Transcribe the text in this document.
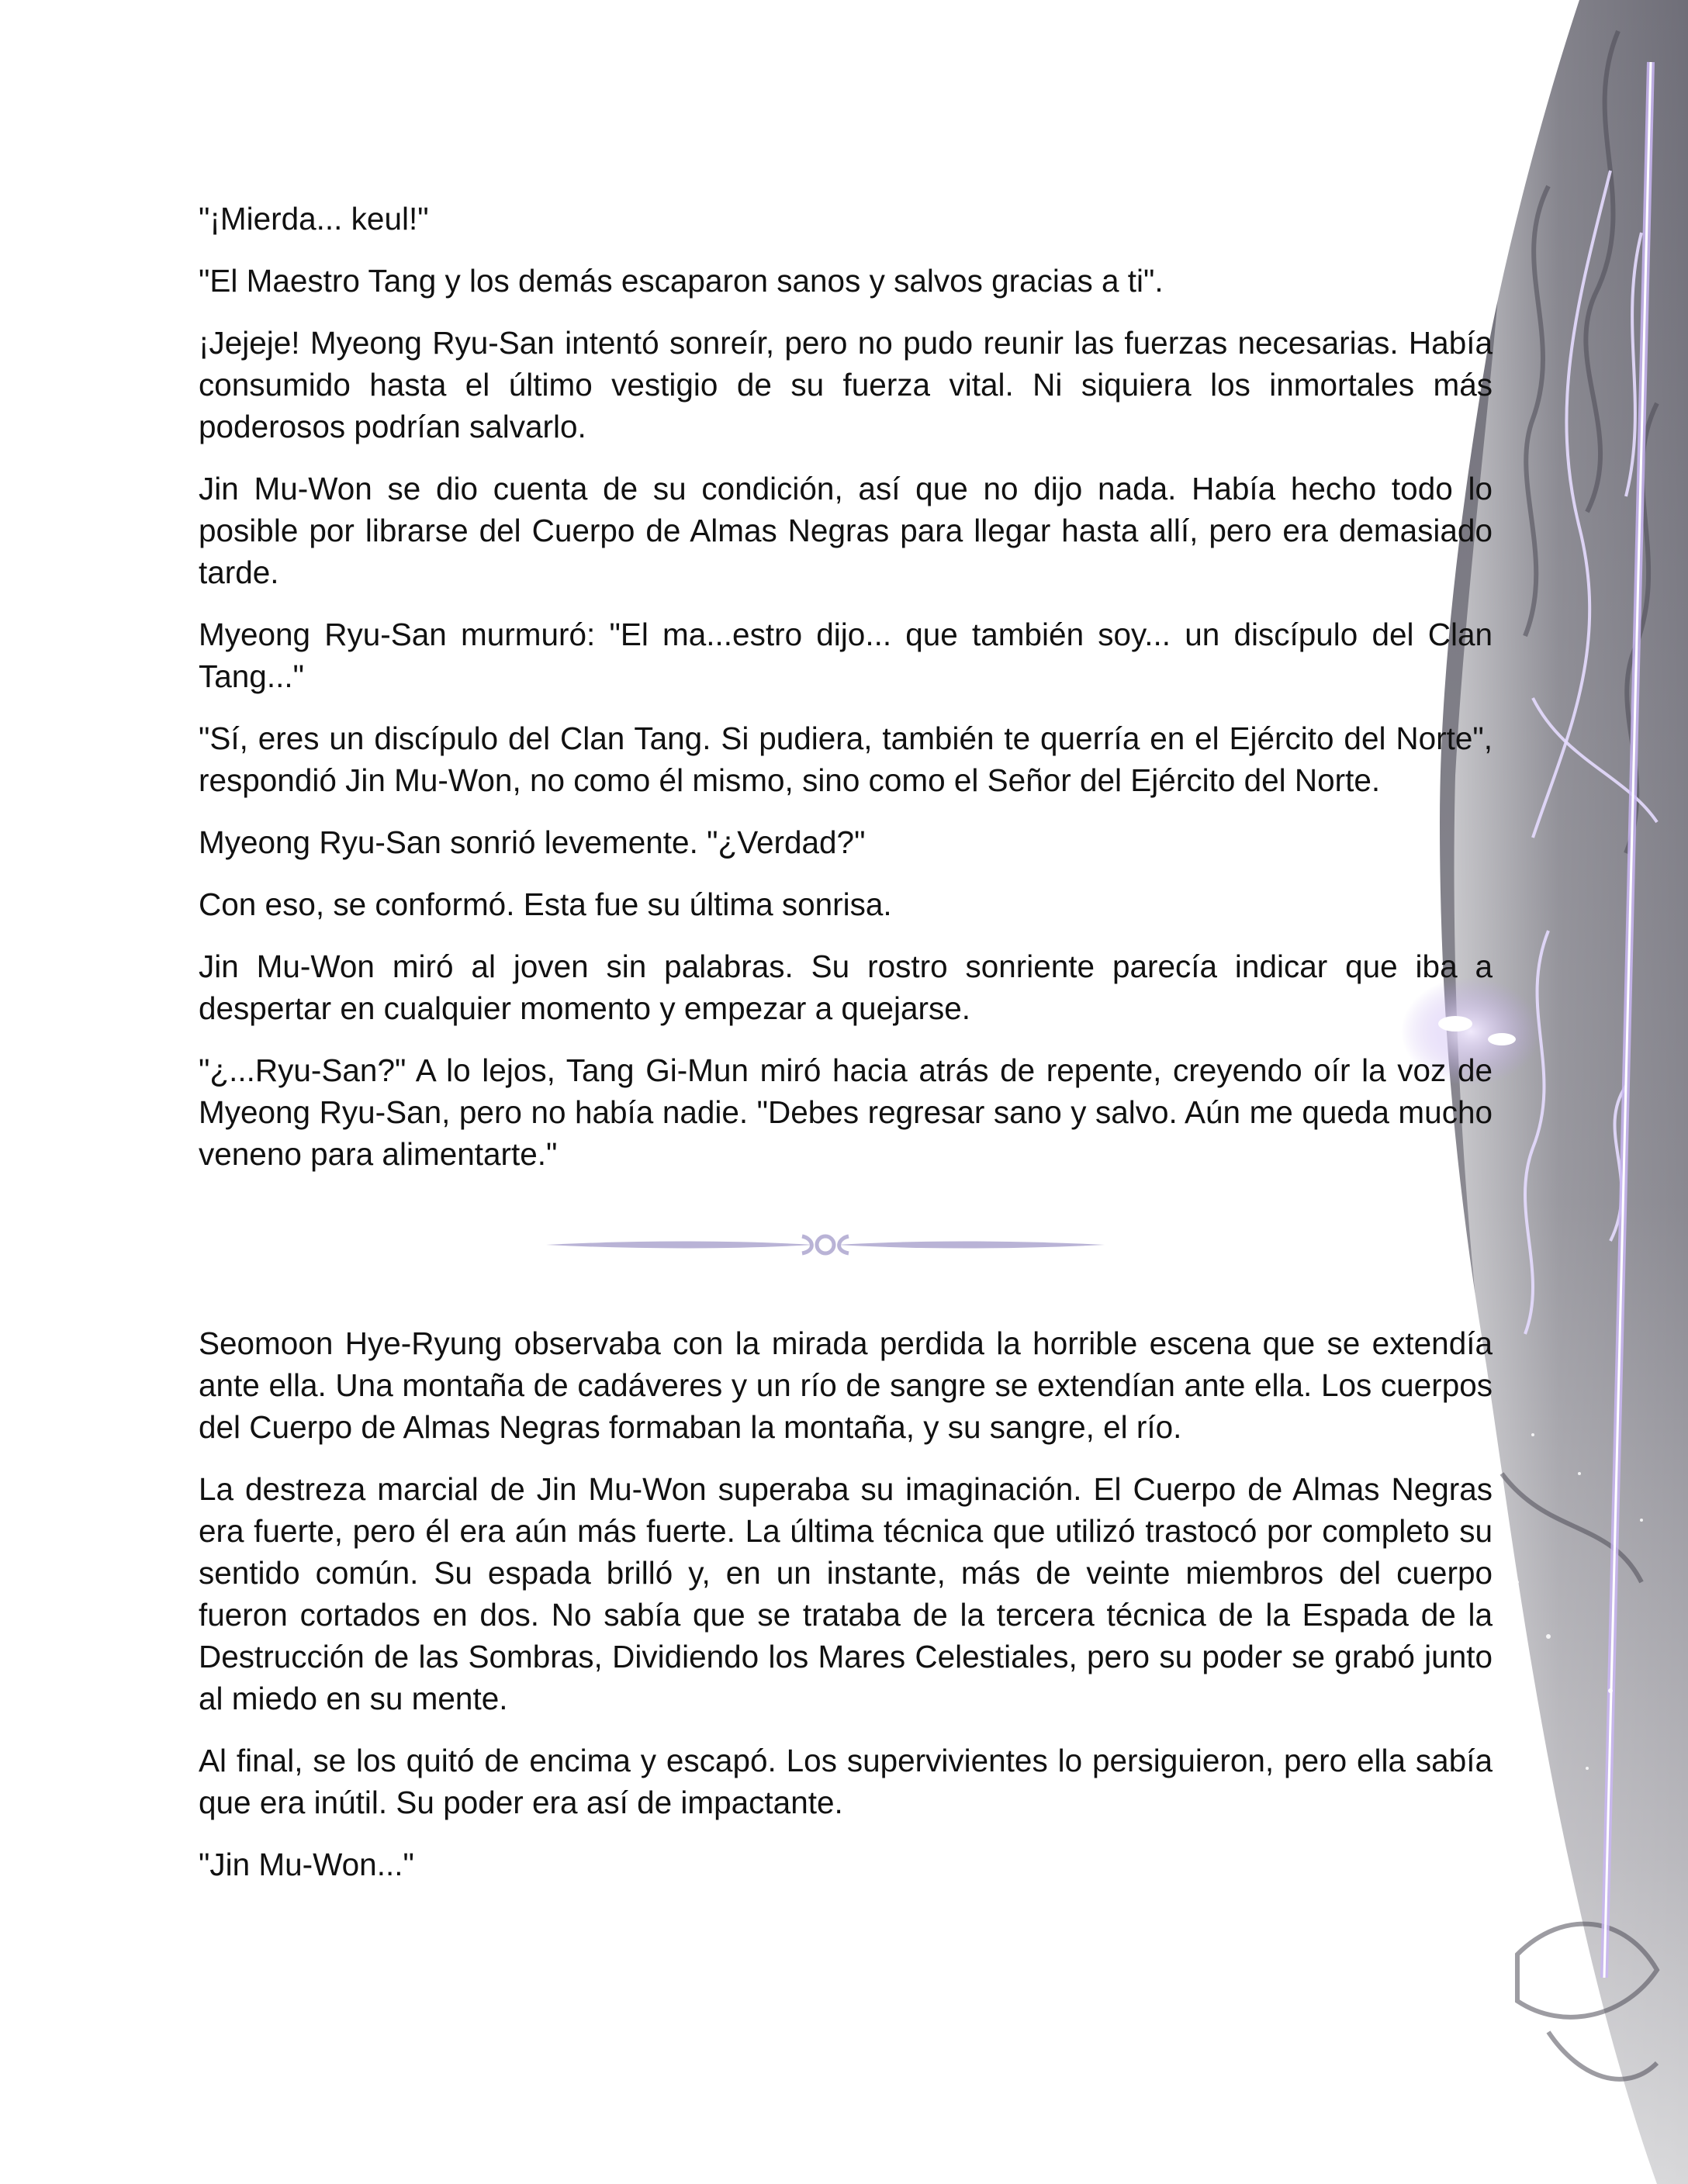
"¡Mierda... keul!"

"El Maestro Tang y los demás escaparon sanos y salvos gracias a ti".

¡Jejeje! Myeong Ryu-San intentó sonreír, pero no pudo reunir las fuerzas necesarias. Había consumido hasta el último vestigio de su fuerza vital. Ni siquiera los inmortales más poderosos podrían salvarlo.

Jin Mu-Won se dio cuenta de su condición, así que no dijo nada. Había hecho todo lo posible por librarse del Cuerpo de Almas Negras para llegar hasta allí, pero era demasiado tarde.

Myeong Ryu-San murmuró: "El ma...estro dijo... que también soy... un discípulo del Clan Tang..."

"Sí, eres un discípulo del Clan Tang. Si pudiera, también te querría en el Ejército del Norte", respondió Jin Mu-Won, no como él mismo, sino como el Señor del Ejército del Norte.

Myeong Ryu-San sonrió levemente. "¿Verdad?"

Con eso, se conformó. Esta fue su última sonrisa.

Jin Mu-Won miró al joven sin palabras. Su rostro sonriente parecía indicar que iba a despertar en cualquier momento y empezar a quejarse.

"¿...Ryu-San?" A lo lejos, Tang Gi-Mun miró hacia atrás de repente, creyendo oír la voz de Myeong Ryu-San, pero no había nadie. "Debes regresar sano y salvo. Aún me queda mucho veneno para alimentarte."

Seomoon Hye-Ryung observaba con la mirada perdida la horrible escena que se extendía ante ella. Una montaña de cadáveres y un río de sangre se extendían ante ella. Los cuerpos del Cuerpo de Almas Negras formaban la montaña, y su sangre, el río.

La destreza marcial de Jin Mu-Won superaba su imaginación. El Cuerpo de Almas Negras era fuerte, pero él era aún más fuerte. La última técnica que utilizó trastocó por completo su sentido común. Su espada brilló y, en un instante, más de veinte miembros del cuerpo fueron cortados en dos. No sabía que se trataba de la tercera técnica de la Espada de la Destrucción de las Sombras, Dividiendo los Mares Celestiales, pero su poder se grabó junto al miedo en su mente.

Al final, se los quitó de encima y escapó. Los supervivientes lo persiguieron, pero ella sabía que era inútil. Su poder era así de impactante.

"Jin Mu-Won..."
